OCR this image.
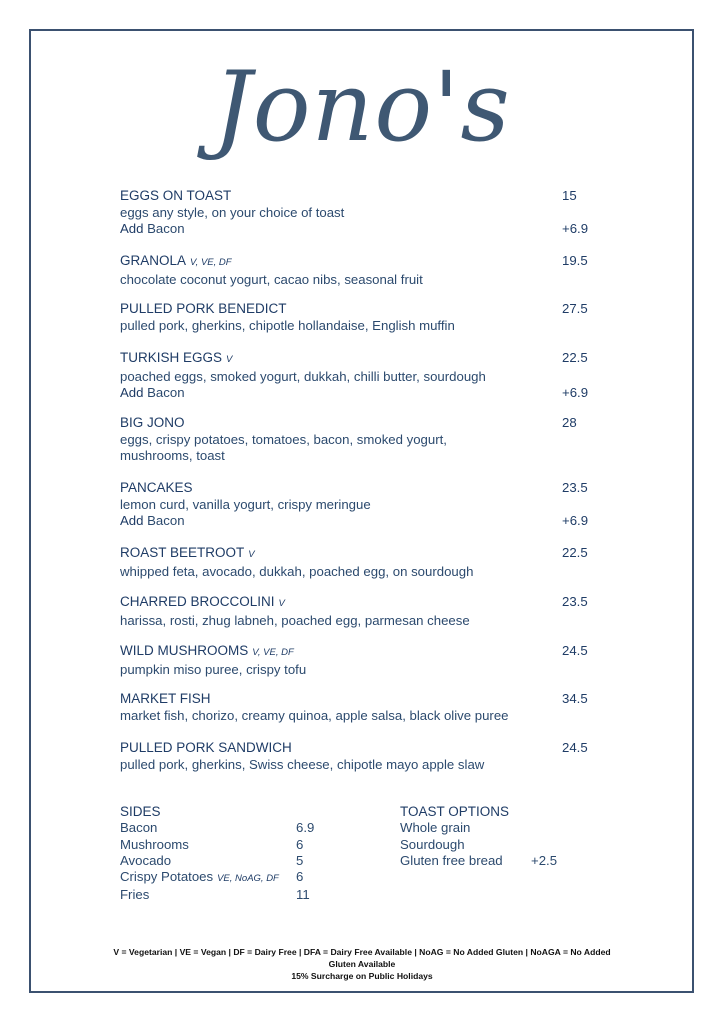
Jono's
EGGS ON TOAST	15
eggs any style, on your choice of toast
Add Bacon	+6.9
GRANOLA V, VE, DF	19.5
chocolate coconut yogurt, cacao nibs, seasonal fruit
PULLED PORK BENEDICT	27.5
pulled pork, gherkins, chipotle hollandaise, English muffin
TURKISH EGGS V	22.5
poached eggs, smoked yogurt, dukkah, chilli butter, sourdough
Add Bacon	+6.9
BIG JONO	28
eggs, crispy potatoes, tomatoes, bacon, smoked yogurt,
mushrooms, toast
PANCAKES	23.5
lemon curd, vanilla yogurt, crispy meringue
Add Bacon	+6.9
ROAST BEETROOT V	22.5
whipped feta, avocado, dukkah, poached egg, on sourdough
CHARRED BROCCOLINI V	23.5
harissa, rosti, zhug labneh, poached egg, parmesan cheese
WILD MUSHROOMS V, VE, DF	24.5
pumpkin miso puree, crispy tofu
MARKET FISH	34.5
market fish, chorizo, creamy quinoa, apple salsa, black olive puree
PULLED PORK SANDWICH	24.5
pulled pork, gherkins, Swiss cheese, chipotle mayo apple slaw
SIDES
Bacon	6.9
Mushrooms	6
Avocado	5
Crispy Potatoes VE, NoAG, DF	6
Fries	11
TOAST OPTIONS
Whole grain
Sourdough
Gluten free bread	+2.5
V = Vegetarian | VE = Vegan | DF = Dairy Free | DFA = Dairy Free Available | NoAG = No Added Gluten | NoAGA = No Added
Gluten Available
15% Surcharge on Public Holidays
